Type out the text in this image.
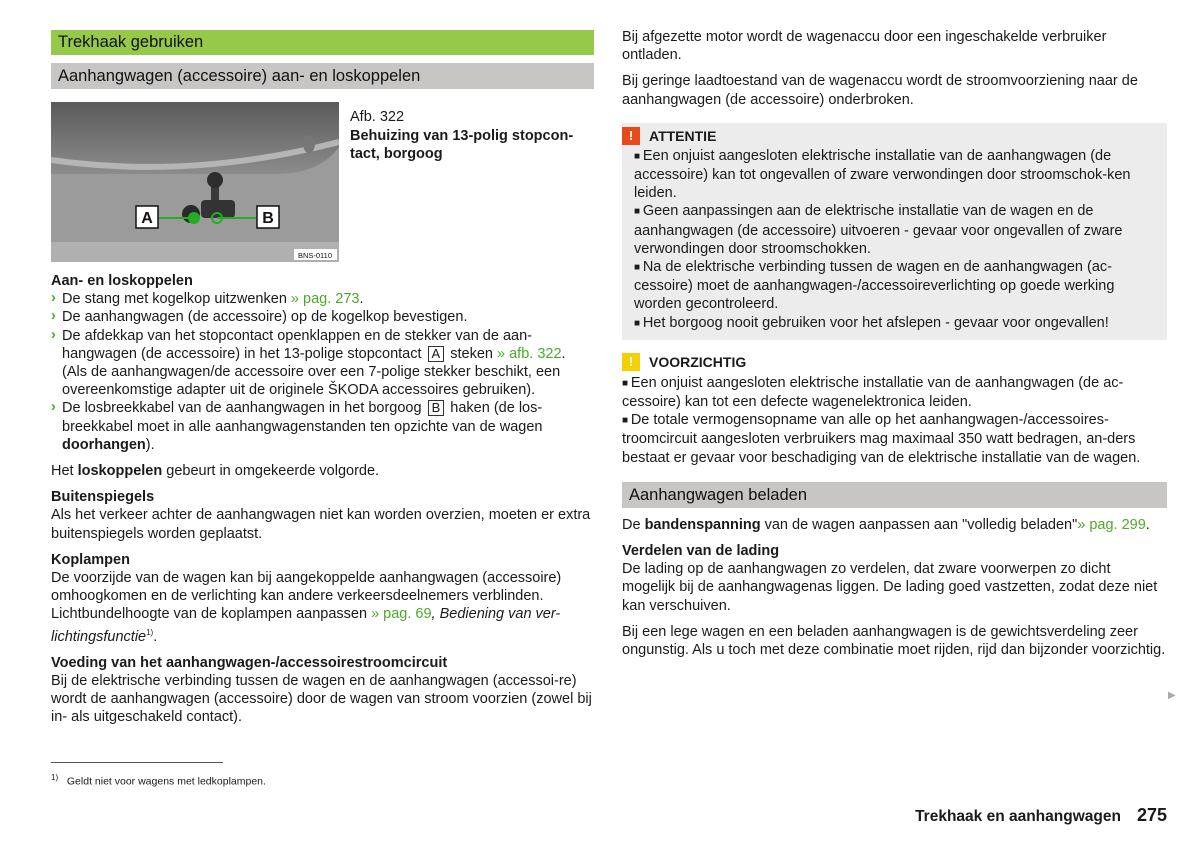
Trekhaak gebruiken
Aanhangwagen (accessoire) aan- en loskoppelen
A	B
BNS-0110

Afb. 322

Behuizing van 13-polig stopcon-tact, borgoog

Aan- en loskoppelen

› De stang met kogelkop uitzwenken » pag. 273.

› De aanhangwagen (de accessoire) op de kogelkop bevestigen.

› De afdekkap van het stopcontact openklappen en de stekker van de aan-hangwagen (de accessoire) in het 13-polige stopcontact A steken » afb. 322. (Als de aanhangwagen/de accessoire over een 7-polige stekker beschikt, een overeenkomstige adapter uit de originele ŠKODA accessoires gebruiken).

› De losbreekkabel van de aanhangwagen in het borgoog B haken (de los-breekkabel moet in alle aanhangwagenstanden ten opzichte van de wagen doorhangen).

Het loskoppelen gebeurt in omgekeerde volgorde.

Buitenspiegels

Als het verkeer achter de aanhangwagen niet kan worden overzien, moeten er extra buitenspiegels worden geplaatst.

Koplampen

De voorzijde van de wagen kan bij aangekoppelde aanhangwagen (accessoire) omhoogkomen en de verlichting kan andere verkeersdeelnemers verblinden. Lichtbundelhoogte van de koplampen aanpassen » pag. 69, Bediening van ver-lichtingsfunctie$^{1)}$.

Voeding van het aanhangwagen-/accessoirestroomcircuit

Bij de elektrische verbinding tussen de wagen en de aanhangwagen (accessoi-re) wordt de aanhangwagen (accessoire) door de wagen van stroom voorzien (zowel bij in- als uitgeschakeld contact).

Bij afgezette motor wordt de wagenaccu door een ingeschakelde verbruiker ontladen.

Bij geringe laadtoestand van de wagenaccu wordt de stroomvoorziening naar de aanhangwagen (de accessoire) onderbroken.

!	ATTENTIE

■ Een onjuist aangesloten elektrische installatie van de aanhangwagen (de accessoire) kan tot ongevallen of zware verwondingen door stroomschok-ken leiden.

■ Geen aanpassingen aan de elektrische installatie van de wagen en de aanhangwagen (de accessoire) uitvoeren - gevaar voor ongevallen of zware verwondingen door stroomschokken.

■ Na de elektrische verbinding tussen de wagen en de aanhangwagen (ac-cessoire) moet de aanhangwagen-/accessoireverlichting op goede werking worden gecontroleerd.

■ Het borgoog nooit gebruiken voor het afslepen - gevaar voor ongevallen!

!	VOORZICHTIG

■ Een onjuist aangesloten elektrische installatie van de aanhangwagen (de ac-cessoire) kan tot een defecte wagenelektronica leiden.

■ De totale vermogensopname van alle op het aanhangwagen-/accessoires-troomcircuit aangesloten verbruikers mag maximaal 350 watt bedragen, an-ders bestaat er gevaar voor beschadiging van de elektrische installatie van de wagen.

Aanhangwagen beladen

De bandenspanning van de wagen aanpassen aan "volledig beladen"» pag. 299.

Verdelen van de lading

De lading op de aanhangwagen zo verdelen, dat zware voorwerpen zo dicht mogelijk bij de aanhangwagenas liggen. De lading goed vastzetten, zodat deze niet kan verschuiven.

Bij een lege wagen en een beladen aanhangwagen is de gewichtsverdeling zeer ongunstig. Als u toch met deze combinatie moet rijden, rijd dan bijzonder voorzichtig.

▶
$^{1)}$ Geldt niet voor wagens met ledkoplampen.
Trekhaak en aanhangwagen 275
